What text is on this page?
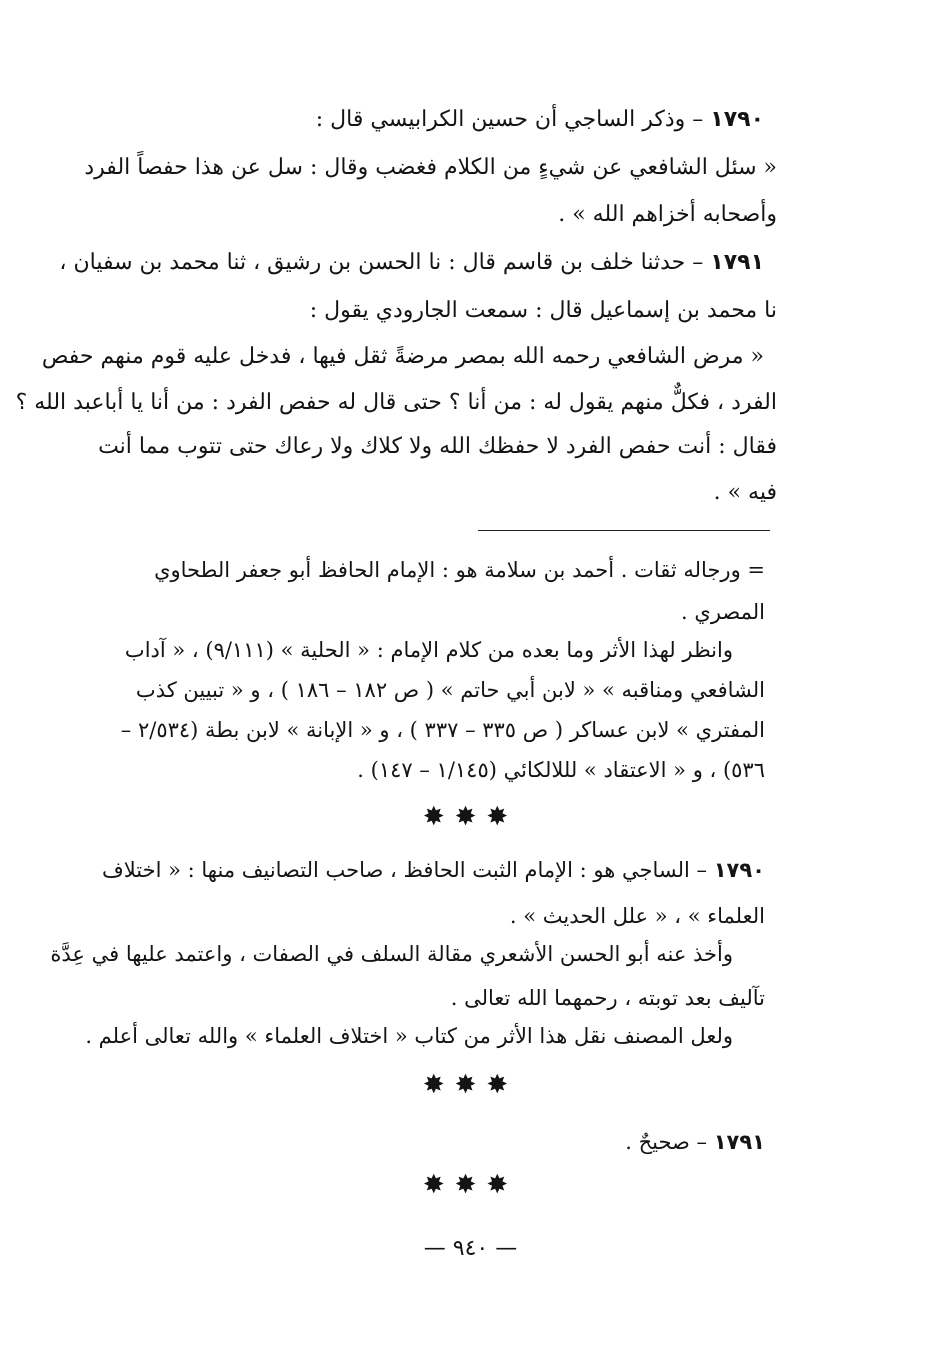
١٧٩٠ – وذكر الساجي أن حسين الكرابيسي قال :
« سئل الشافعي عن شيءٍ من الكلام فغضب وقال : سل عن هذا حفصاً الفرد
وأصحابه أخزاهم الله » .
١٧٩١ – حدثنا خلف بن قاسم قال : نا الحسن بن رشيق ، ثنا محمد بن سفيان ،
نا محمد بن إسماعيل قال : سمعت الجارودي يقول :
« مرض الشافعي رحمه الله بمصر مرضةً ثقل فيها ، فدخل عليه قوم منهم حفص
الفرد ، فكلٌّ منهم يقول له : من أنا ؟ حتى قال له حفص الفرد : من أنا يا أباعبد الله ؟
فقال : أنت حفص الفرد لا حفظك الله ولا كلاك ولا رعاك حتى تتوب مما أنت
فيه » .
= ورجاله ثقات . أحمد بن سلامة هو : الإمام الحافظ أبو جعفر الطحاوي
المصري .
وانظر لهذا الأثر وما بعده من كلام الإمام : « الحلية » (٩/١١١) ، « آداب
الشافعي ومناقبه » « لابن أبي حاتم » ( ص ١٨٢ – ١٨٦ ) ، و « تبيين كذب
المفتري » لابن عساكر ( ص ٣٣٥ – ٣٣٧ ) ، و « الإبانة » لابن بطة (٢/٥٣٤ –
٥٣٦) ، و « الاعتقاد » لللالكائي (١/١٤٥ – ١٤٧) .
✸✸✸
١٧٩٠ – الساجي هو : الإمام الثبت الحافظ ، صاحب التصانيف منها : « اختلاف
العلماء » ، « علل الحديث » .
وأخذ عنه أبو الحسن الأشعري مقالة السلف في الصفات ، واعتمد عليها في عِدَّة
تآليف بعد توبته ، رحمهما الله تعالى .
ولعل المصنف نقل هذا الأثر من كتاب « اختلاف العلماء » والله تعالى أعلم .
✸✸✸
١٧٩١ – صحيحٌ .
✸✸✸
— ٩٤٠ —
